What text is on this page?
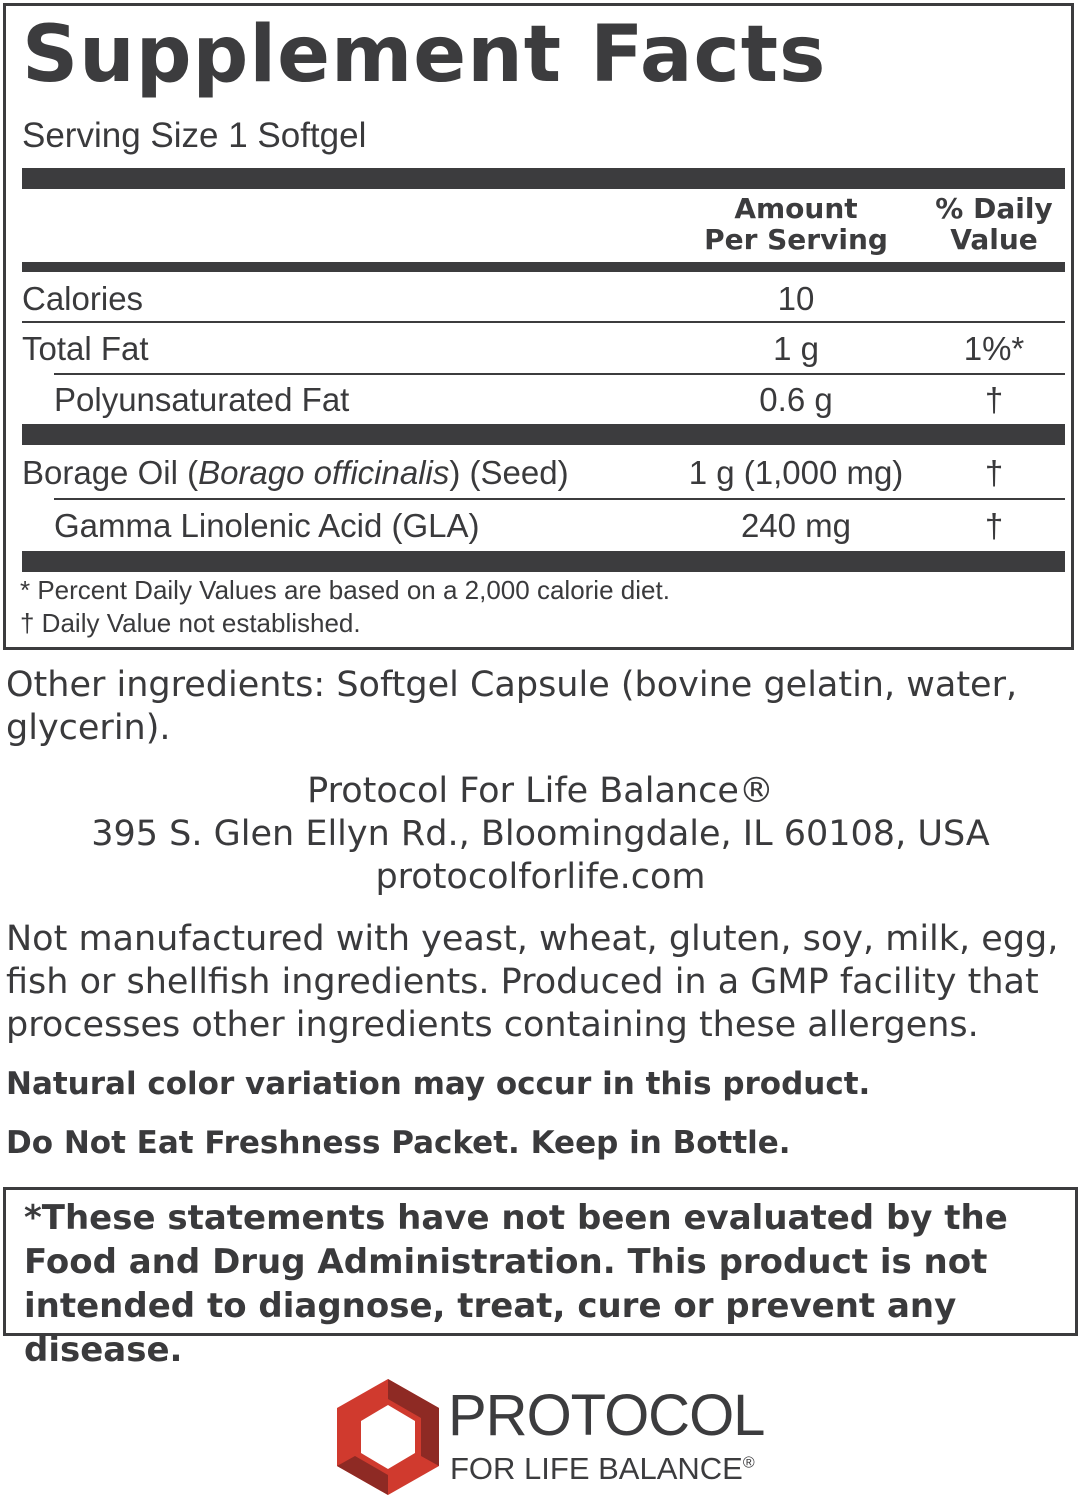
Supplement Facts
Serving Size 1 Softgel
Amount
Per Serving
% Daily
Value
Calories	10
Total Fat	1 g	1%*
Polyunsaturated Fat	0.6 g	†
Borage Oil (Borago officinalis) (Seed)	1 g (1,000 mg)	†
Gamma Linolenic Acid (GLA)	240 mg	†
* Percent Daily Values are based on a 2,000 calorie diet.
† Daily Value not established.
Other ingredients: Softgel Capsule (bovine gelatin, water, glycerin).
Protocol For Life Balance®
395 S. Glen Ellyn Rd., Bloomingdale, IL 60108, USA
protocolforlife.com
Not manufactured with yeast, wheat, gluten, soy, milk, egg, fish or shellfish ingredients. Produced in a GMP facility that processes other ingredients containing these allergens.
Natural color variation may occur in this product.
Do Not Eat Freshness Packet. Keep in Bottle.
*These statements have not been evaluated by the Food and Drug Administration. This product is not intended to diagnose, treat, cure or prevent any disease.
PROTOCOL
FOR LIFE BALANCE®
